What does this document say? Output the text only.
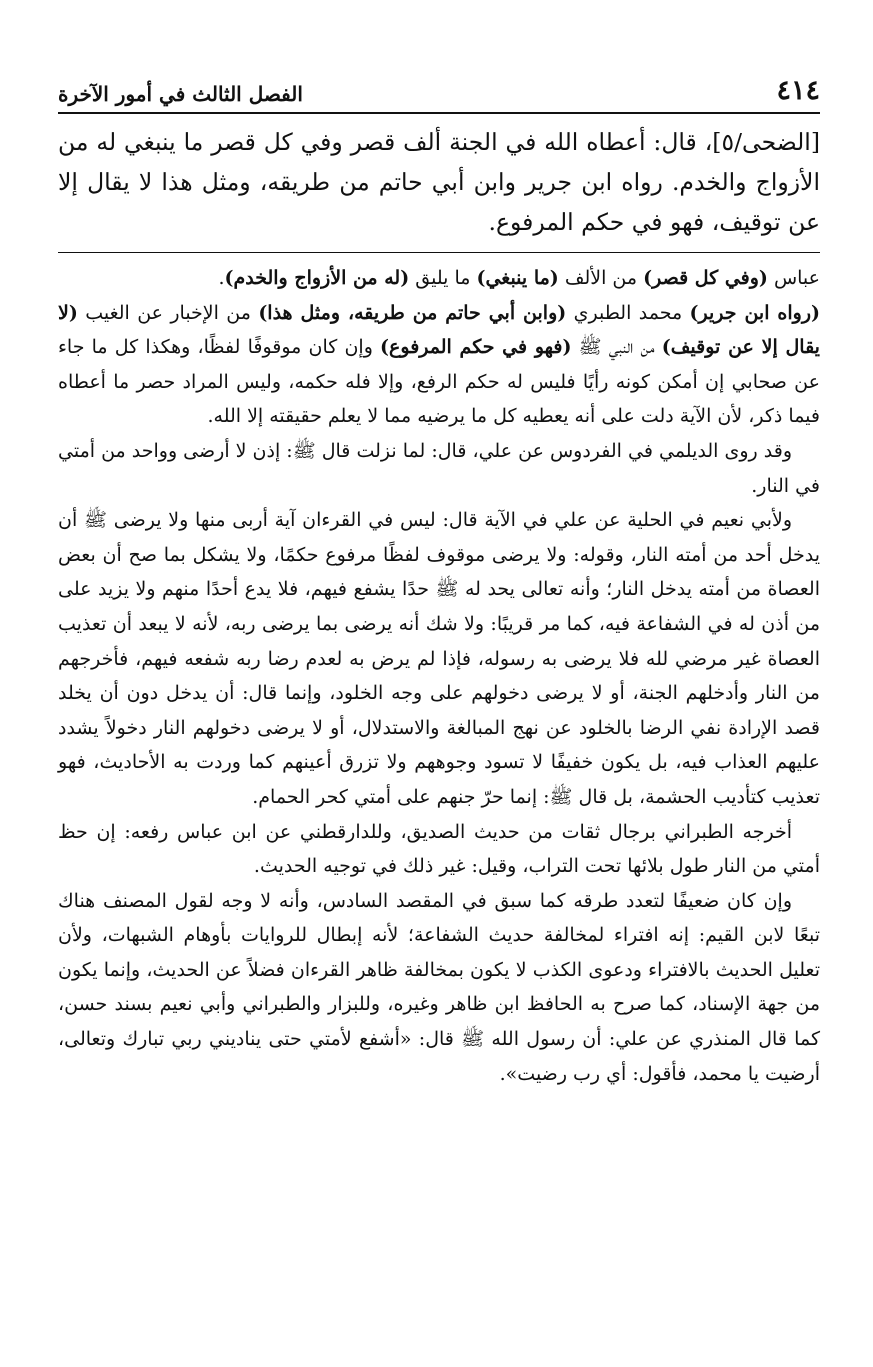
٤١٤
الفصل الثالث في أمور الآخرة
[الضحى/٥]، قال: أعطاه الله في الجنة ألف قصر وفي كل قصر ما ينبغي له من الأزواج والخدم. رواه ابن جرير وابن أبي حاتم من طريقه، ومثل هذا لا يقال إلا عن توقيف، فهو في حكم المرفوع.

عباس (وفي كل قصر) من الألف (ما ينبغي) ما يليق (له من الأزواج والخدم).

(رواه ابن جرير) محمد الطبري (وابن أبي حاتم من طريقه، ومثل هذا) من الإخبار عن الغيب (لا يقال إلا عن توقيف) من النبي ﷺ (فهو في حكم المرفوع) وإن كان موقوفًا لفظًا، وهكذا كل ما جاء عن صحابي إن أمكن كونه رأيًا فليس له حكم الرفع، وإلا فله حكمه، وليس المراد حصر ما أعطاه فيما ذكر، لأن الآية دلت على أنه يعطيه كل ما يرضيه مما لا يعلم حقيقته إلا الله.

وقد روى الديلمي في الفردوس عن علي، قال: لما نزلت قال ﷺ: إذن لا أرضى وواحد من أمتي في النار.

ولأبي نعيم في الحلية عن علي في الآية قال: ليس في القرءان آية أربى منها ولا يرضى ﷺ أن يدخل أحد من أمته النار، وقوله: ولا يرضى موقوف لفظًا مرفوع حكمًا، ولا يشكل بما صح أن بعض العصاة من أمته يدخل النار؛ وأنه تعالى يحد له ﷺ حدًا يشفع فيهم، فلا يدع أحدًا منهم ولا يزيد على من أذن له في الشفاعة فيه، كما مر قريبًا: ولا شك أنه يرضى بما يرضى ربه، لأنه لا يبعد أن تعذيب العصاة غير مرضي لله فلا يرضى به رسوله، فإذا لم يرض به لعدم رضا ربه شفعه فيهم، فأخرجهم من النار وأدخلهم الجنة، أو لا يرضى دخولهم على وجه الخلود، وإنما قال: أن يدخل دون أن يخلد قصد الإرادة نفي الرضا بالخلود عن نهج المبالغة والاستدلال، أو لا يرضى دخولهم النار دخولاً يشدد عليهم العذاب فيه، بل يكون خفيفًا لا تسود وجوههم ولا تزرق أعينهم كما وردت به الأحاديث، فهو تعذيب كتأديب الحشمة، بل قال ﷺ: إنما حرّ جنهم على أمتي كحر الحمام.

أخرجه الطبراني برجال ثقات من حديث الصديق، وللدارقطني عن ابن عباس رفعه: إن حظ أمتي من النار طول بلائها تحت التراب، وقيل: غير ذلك في توجيه الحديث.

وإن كان ضعيفًا لتعدد طرقه كما سبق في المقصد السادس، وأنه لا وجه لقول المصنف هناك تبعًا لابن القيم: إنه افتراء لمخالفة حديث الشفاعة؛ لأنه إبطال للروايات بأوهام الشبهات، ولأن تعليل الحديث بالافتراء ودعوى الكذب لا يكون بمخالفة ظاهر القرءان فضلاً عن الحديث، وإنما يكون من جهة الإسناد، كما صرح به الحافظ ابن ظاهر وغيره، وللبزار والطبراني وأبي نعيم بسند حسن، كما قال المنذري عن علي: أن رسول الله ﷺ قال: «أشفع لأمتي حتى يناديني ربي تبارك وتعالى، أرضيت يا محمد، فأقول: أي رب رضيت».
